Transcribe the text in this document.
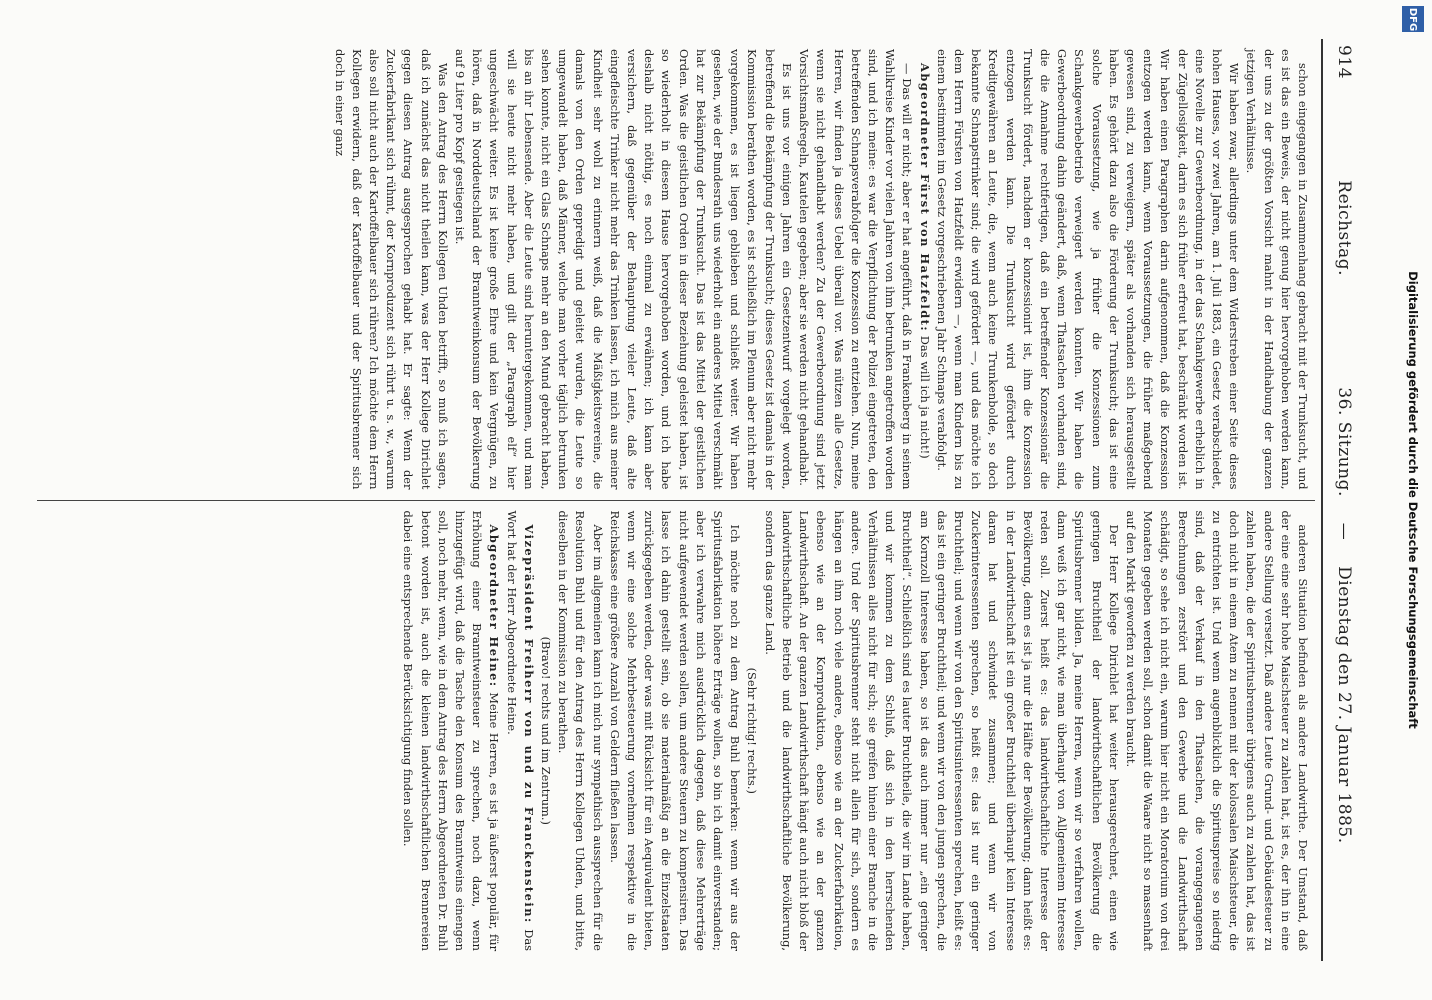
914
Reichstag.
36. Sitzung. — Dienstag den 27. Januar 1885.

schon eingegangen in Zusammenhang gebracht mit der Trunksucht, und es ist das ein Beweis, der nicht genug hier hervorgehoben werden kann, der uns zu der größten Vorsicht mahnt in der Handhabung der ganzen jetzigen Verhältnisse.

Wir haben zwar, allerdings unter dem Widerstreben einer Seite dieses hohen Hauses, vor zwei Jahren, am 1. Juli 1883, ein Gesetz verabschiedet, eine Novelle zur Gewerbeordnung, in der das Schankgewerbe erheblich in der Zügellosigkeit, darin es sich früher erfreut hat, beschränkt worden ist. Wir haben einen Paragraphen darin aufgenommen, daß die Konzession entzogen werden kann, wenn Voraussetzungen, die früher maßgebend gewesen sind, zu verweigern, später als vorhanden sich herausgestellt haben. Es gehört dazu also die Förderung der Trunksucht; das ist eine solche Voraussetzung, wie ja früher die Konzessionen zum Schankgewerbebetrieb verweigert werden konnten. Wir haben die Gewerbeordnung dahin geändert, daß, wenn Thatsachen vorhanden sind, die die Annahme rechtfertigen, daß ein betreffender Konzessionär die Trunksucht fördert, nachdem er konzessionirt ist, ihm die Konzession entzogen werden kann. Die Trunksucht wird gefördert durch Kreditgewähren an Leute, die, wenn auch keine Trunkenbolde, so doch bekannte Schnapstrinker sind; die wird gefördert —, und das möchte ich dem Herrn Fürsten von Hatzfeldt erwidern —, wenn man Kindern bis zu einem bestimmten im Gesetz vorgeschriebenen Jahr Schnaps verabfolgt.

Abgeordneter Fürst von Hatzfeldt: Das will ich ja nicht!)

— Das will er nicht; aber er hat angeführt, daß in Frankenberg in seinem Wahlkreise Kinder vor vielen Jahren von ihm betrunken angetroffen worden sind, und ich meine: es war die Verpflichtung der Polizei eingetreten, den betreffenden Schnapsverabfolger die Konzession zu entziehen. Nun, meine Herren, wir finden ja dieses Uebel überall vor. Was nützen alle Gesetze, wenn sie nicht gehandhabt werden? Zu der Gewerbeordnung sind jetzt Vorsichtsmaßregeln, Kautelen gegeben; aber sie werden nicht gehandhabt.

Es ist uns vor einigen Jahren ein Gesetzentwurf vorgelegt worden, betreffend die Bekämpfung der Trunksucht; dieses Gesetz ist damals in der Kommission berathen worden, es ist schließlich im Plenum aber nicht mehr vorgekommen, es ist liegen geblieben und schließt weiter. Wir haben gesehen, wie der Bundesrath uns wiederholt ein anderes Mittel verschmäht hat zur Bekämpfung der Trunksucht. Das ist das Mittel der geistlichen Orden. Was die geistlichen Orden in dieser Beziehung geleistet haben, ist so wiederholt in diesem Hause hervorgehoben worden, und ich habe deshalb nicht nöthig, es noch einmal zu erwähnen; ich kann aber versichern, daß gegenüber der Behauptung vieler Leute, daß alte eingefleischte Trinker nicht mehr das Trinken lassen, ich mich aus meiner Kindheit sehr wohl zu erinnern weiß, daß die Mäßigkeitsvereine, die damals von den Orden gepredigt und geleitet wurden, die Leute so umgewandelt haben, daß Männer, welche man vorher täglich betrunken sehen konnte, nicht ein Glas Schnaps mehr an den Mund gebracht haben, bis an ihr Lebensende. Aber die Leute sind heruntergekommen, und man will sie heute nicht mehr haben, und gilt der „Paragraph elf“ hier ungeschwächt weiter. Es ist keine große Ehre und kein Vergnügen, zu hören, daß in Norddeutschland der Branntweinkonsum der Bevölkerung auf 9 Liter pro Kopf gestiegen ist.

Was den Antrag des Herrn Kollegen Uhden betrifft, so muß ich sagen, daß ich zunächst das nicht theilen kann, was der Herr Kollege Dirichlet gegen diesen Antrag ausgesprochen gehabt hat. Er sagte: Wenn der Zuckerfabrikant sich rühmt, der Kornproduzent sich rührt u. s. w., warum also soll nicht auch der Kartoffelbauer sich rühren? Ich möchte dem Herrn Kollegen erwidern, daß der Kartoffelbauer und der Spiritusbrenner sich doch in einer ganz

anderen Situation befinden als andere Landwirthe. Der Umstand, daß der eine eine sehr hohe Maischsteuer zu zahlen hat, ist es, der ihn in eine andere Stellung versetzt. Daß andere Leute Grund- und Gebäudesteuer zu zahlen haben, die der Spiritusbrenner übrigens auch zu zahlen hat, das ist doch nicht in einem Atem zu nennen mit der kolossalen Maischsteuer, die zu entrichten ist. Und wenn augenblicklich die Spirituspreise so niedrig sind, daß der Verkauf in den Thatsachen, die vorangegangenen Berechnungen zerstört und den Gewerbe und die Landwirthschaft schädigt, so sehe ich nicht ein, warum hier nicht ein Moratorium von drei Monaten gegeben werden soll, schon damit die Waare nicht so massenhaft auf den Markt geworfen zu werden braucht.

Der Herr Kollege Dirichlet hat weiter herausgerechnet, einen wie geringen Bruchtheil der landwirthschaftlichen Bevölkerung die Spiritusbrenner bilden. Ja, meine Herren, wenn wir so verfahren wollen, dann weiß ich gar nicht, wie man überhaupt von Allgemeinem Interesse reden soll. Zuerst heißt es: das landwirthschaftliche Interesse der Bevölkerung, denn es ist ja nur die Hälfte der Bevölkerung; dann heißt es: in der Landwirthschaft ist ein großer Bruchtheil überhaupt kein Interesse daran hat und schwindet zusammen; und wenn wir von Zuckerinteressenten sprechen, so heißt es: das ist nur ein geringer Bruchtheil; und wenn wir von den Spiritusinteressenten sprechen, heißt es: das ist ein geringer Bruchtheil; und wenn wir von den jungen sprechen, die am Kornzoll Interesse haben, so ist das auch immer nur „ein geringer Bruchtheil“. Schließlich sind es lauter Bruchtheile, die wir im Lande haben, und wir kommen zu dem Schluß, daß sich in den herrschenden Verhältnissen alles nicht für sich; sie greifen hinein einer Branche in die andere. Und der Spiritusbrenner steht nicht allein für sich, sondern es hängen an ihm noch viele andere, ebenso wie an der Zuckerfabrikation, ebenso wie an der Kornproduktion, ebenso wie an der ganzen Landwirthschaft. An der ganzen Landwirthschaft hängt auch nicht bloß der landwirthschaftliche Betrieb und die landwirthschaftliche Bevölkerung, sondern das ganze Land.

(Sehr richtig! rechts.)

Ich möchte noch zu dem Antrag Buhl bemerken: wenn wir aus der Spiritusfabrikation höhere Erträge wollen, so bin ich damit einverstanden; aber ich verwahre mich ausdrücklich dagegen, daß diese Mehrerträge nicht aufgewendet werden sollen, um andere Steuern zu kompensiren. Das lasse ich dahin gestellt sein, ob sie materialmäßig an die Einzelstaaten zurückgegeben werden, oder was mit Rücksicht für ein Aequivalent bieten, wenn wir eine solche Mehrbesteuerung vornehmen respektive in die Reichskasse eine größere Anzahl von Geldern fließen lassen.

Aber im allgemeinen kann ich mich nur sympathisch aussprechen für die Resolution Buhl und für den Antrag des Herrn Kollegen Uhden, und bitte, dieselben in der Kommission zu berathen.

(Bravo! rechts und im Zentrum.)

Vizepräsident Freiherr von und zu Franckenstein: Das Wort hat der Herr Abgeordnete Heine.

Abgeordneter Heine: Meine Herren, es ist ja äußerst populär, für Erhöhung einer Branntweinsteuer zu sprechen, noch dazu, wenn hinzugefügt wird, daß die Tasche den Konsum des Branntweins einengen soll, noch mehr, wenn, wie in dem Antrag des Herrn Abgeordneten Dr. Buhl betont worden ist, auch die kleinen landwirthschaftlichen Brennereien dabei eine entsprechende Berücksichtigung finden sollen.

DFG
Digitalisierung gefördert durch die Deutsche Forschungsgemeinschaft
